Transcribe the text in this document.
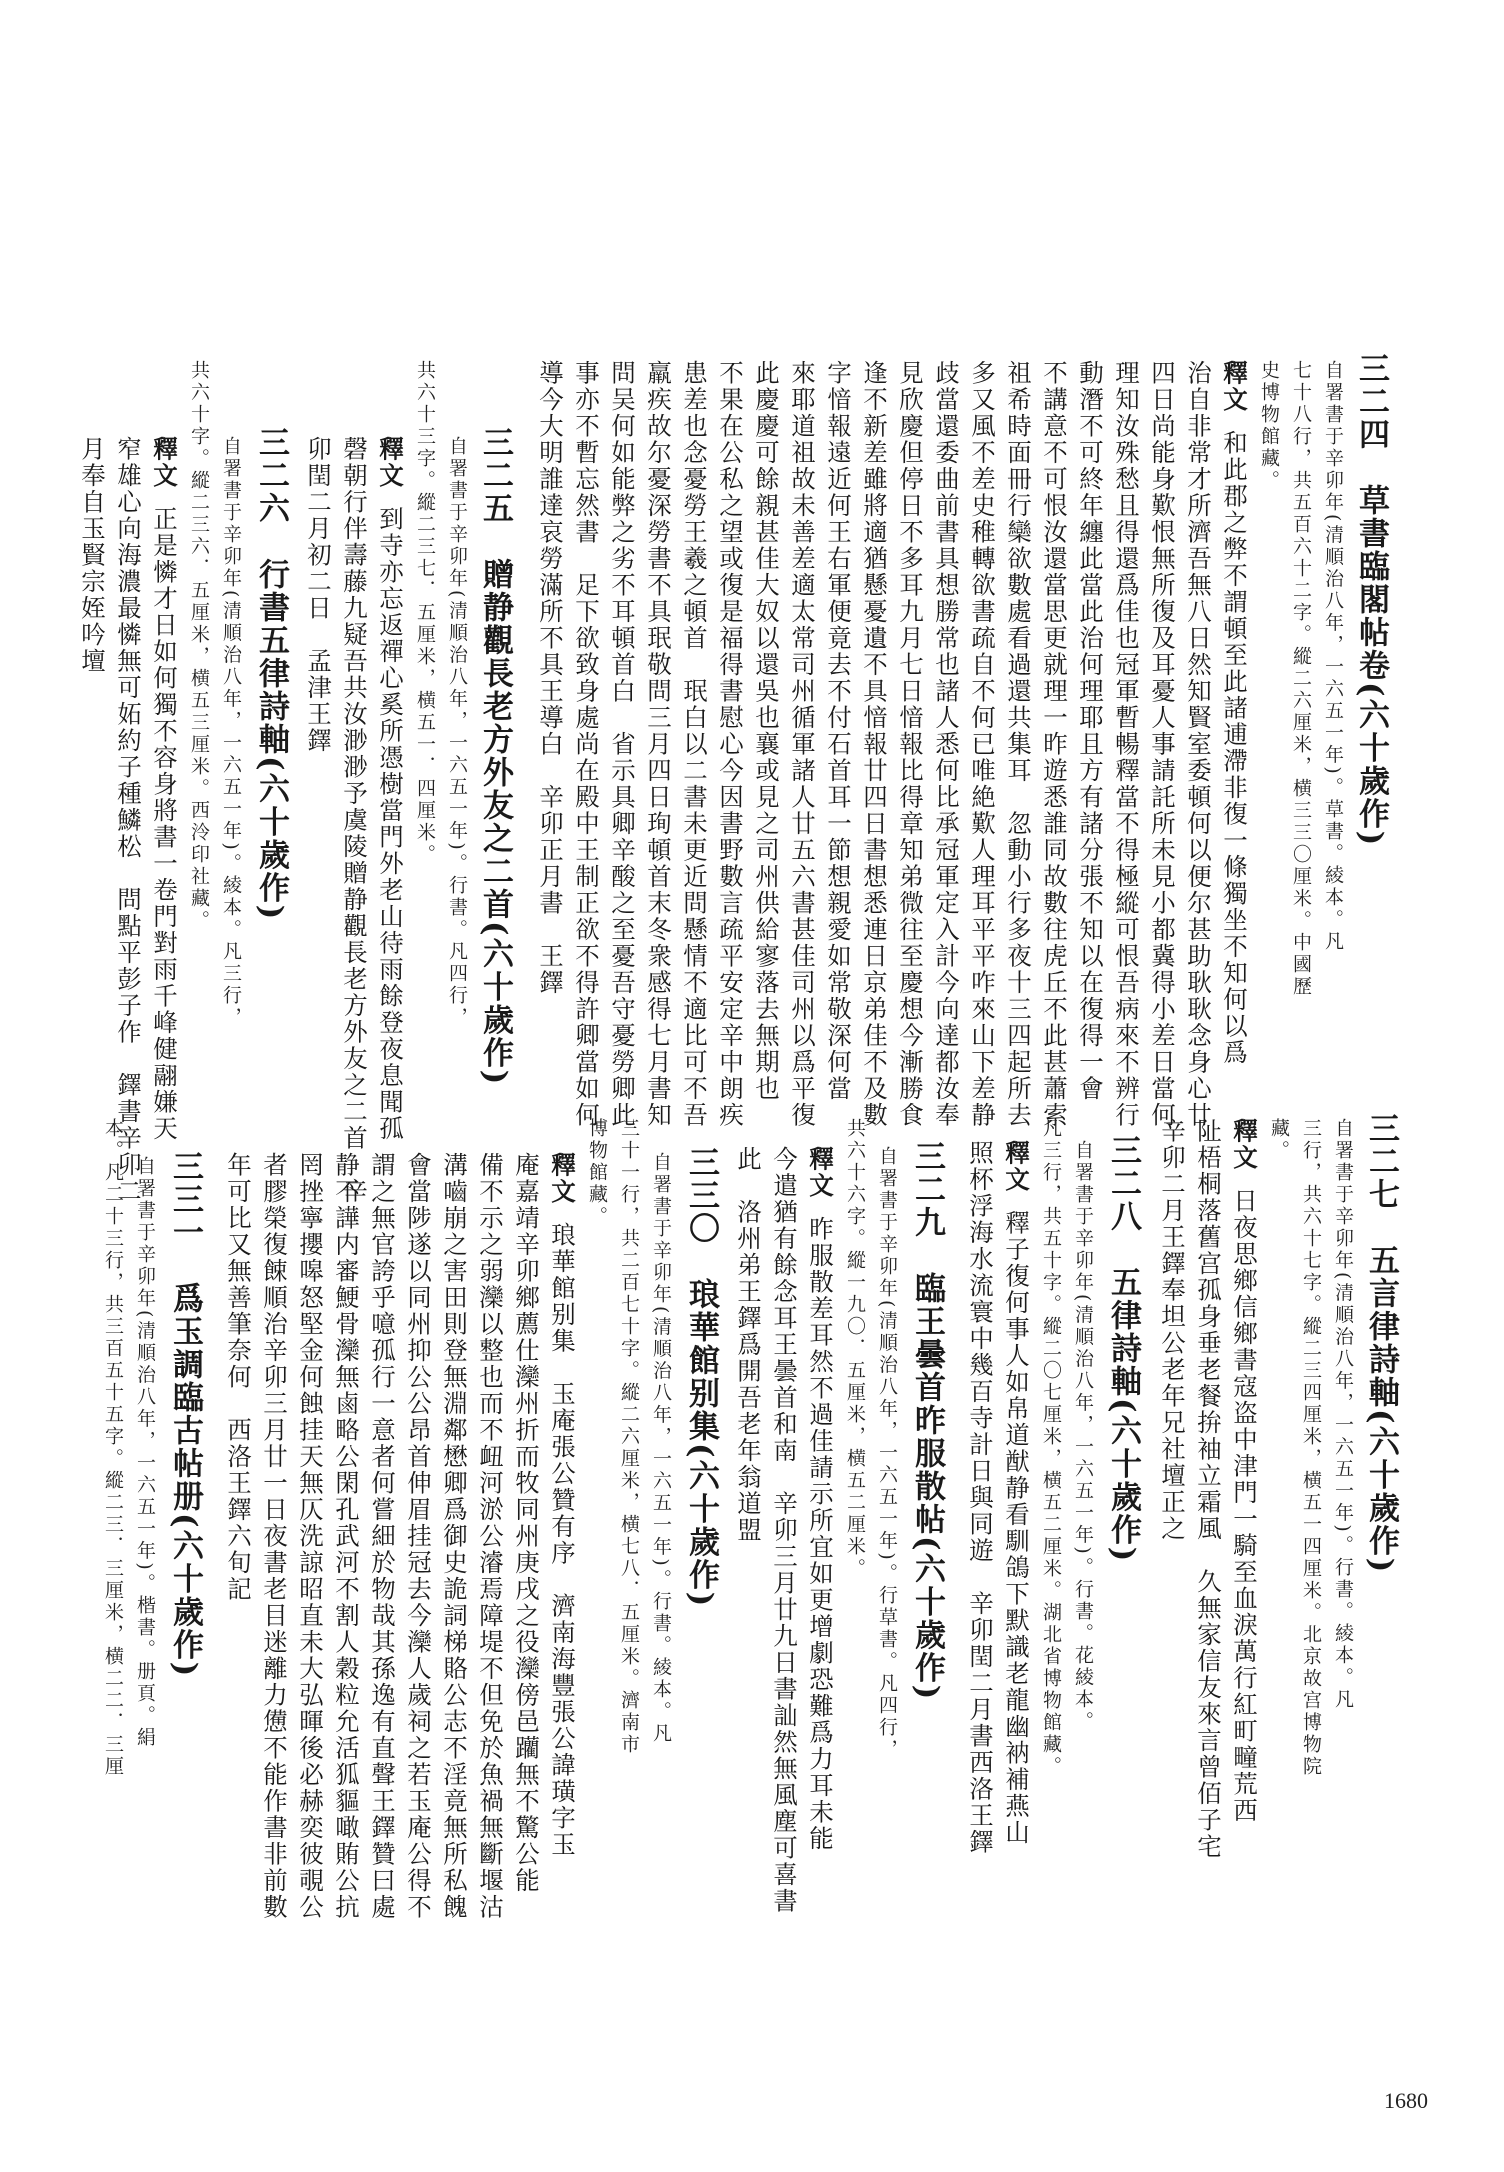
三二四　草書臨閣帖卷(六十歲作)
自署書于辛卯年(清順治八年，一六五一年)。草書。綾本。凡
七十八行，共五百六十二字。縱二六厘米，横三三〇厘米。中國歷
史博物館藏。
釋文
和此郡之弊不謂頓至此諸逋滯非復一條獨坐不知何以爲
治自非常才所濟吾無八日然知賢室委頓何以便尔甚助耿耿念身心廿
四日尚能身歎恨無所復及耳憂人事請託所未見小都冀得小差日當何
理知汝殊愁且得還爲佳也冠軍暫暢釋當不得極縱可恨吾病來不辨行
動潛不可終年纏此當此治何理耶且方有諸分張不知以在復得一會
不講意不可恨汝還當思更就理一昨遊悉誰同故數往虎丘不此甚蕭索
祖希時面冊行欒欲數處看過還共集耳　忽動小行多夜十三四起所去
多又風不差史稚轉欲書疏自不何已唯絶歎人理耳平平咋來山下差静
歧當還委曲前書具想勝常也諸人悉何比承冠軍定入計今向達都汝奉
見欣慶但停日不多耳九月七日愔報比得章知弟微往至慶想今漸勝食
逢不新差雖將適猶懸憂遺不具愔報廿四日書想悉連日京弟佳不及數
字愔報遠近何王右軍便竟去不付石首耳一節想親愛如常敬深何當
來耶道祖故未善差適太常司州循軍諸人廿五六書甚佳司州以爲平復
此慶慶可餘親甚佳大奴以還吳也襄或見之司州供給寥落去無期也
不果在公私之望或復是福得書慰心今因書野數言疏平安定辛中朗疾
患差也念憂勞王羲之頓首　珉白以二書未更近問懸情不適比可不吾
羸疾故尔憂深勞書不具珉敬問三月四日珣頓首末冬衆感得七月書知
問吴何如能弊之劣不耳頓首白　省示具卿辛酸之至憂吾守憂勞卿此
事亦不暫忘然書　足下欲致身處尚在殿中王制正欲不得許卿當如何
導今大明誰達哀勞滿所不具王導白　辛卯正月書　王鐸
三二五　贈静觀長老方外友之二首(六十歲作)
自署書于辛卯年(清順治八年，一六五一年)。行書。凡四行，
共六十三字。縱二三七．五厘米，横五一．四厘米。
釋文
到寺亦忘返禪心奚所憑樹當門外老山待雨餘登夜息聞孤
磬朝行伴壽藤九疑吾共汝渺渺予虞陵贈静觀長老方外友之二首　辛
卯閏二月初二日　孟津王鐸
三二六　行書五律詩軸(六十歲作)
自署書于辛卯年(清順治八年，一六五一年)。綾本。凡三行，
共六十字。縱二三六．五厘米，横五三厘米。西泠印社藏。
釋文
正是憐才日如何獨不容身將書一卷門對雨千峰健翮嫌天
窄雄心向海濃最憐無可妬約子種鱗松　問點平彭子作　鐸書辛卯二
月奉自玉賢宗姪吟壇
三二七　五言律詩軸(六十歲作)
自署書于辛卯年(清順治八年，一六五一年)。行書。綾本。凡
三行，共六十七字。縱二三四厘米，横五一四厘米。北京故宫博物院
藏。
釋文
日夜思鄉信鄉書寇盗中津門一騎至血淚萬行紅町疃荒西
阯梧桐落舊宫孤身垂老餐拚袖立霜風　久無家信友來言曾佰子宅
辛卯二月王鐸奉坦公老年兄社壇正之
三二八　五律詩軸(六十歲作)
自署書于辛卯年(清順治八年，一六五一年)。行書。花綾本。
凡三行，共五十字。縱二〇七厘米，横五二厘米。湖北省博物館藏。
釋文
釋子復何事人如帛道猷静看馴鴿下默識老龍幽衲補燕山
照杯浮海水流寰中幾百寺計日與同遊　辛卯閏二月書西洛王鐸
三二九　臨王曇首昨服散帖(六十歲作)
自署書于辛卯年(清順治八年，一六五一年)。行草書。凡四行，
共六十六字。縱一九〇．五厘米，横五二厘米。
釋文
昨服散差耳然不過佳請示所宜如更增劇恐難爲力耳未能
今遣猶有餘念耳王曇首和南　辛卯三月廿九日書訕然無風塵可喜書
此　洛州弟王鐸爲開吾老年翁道盟
三三〇　琅華館别集(六十歲作)
自署書于辛卯年(清順治八年，一六五一年)。行書。綾本。凡
三十一行，共二百七十字。縱二六厘米，横七八．五厘米。濟南市
博物館藏。
釋文
琅華館别集　玉庵張公贊有序　濟南海豐張公諱璜字玉
庵嘉靖辛卯鄉薦仕灤州折而牧同州庚戌之役灤傍邑躪無不驚公能
備不示之弱灤以整也而不衄河淤公濬焉障堤不但免於魚禍無斷堰沽
溝嚙崩之害田則登無淵鄰懋卿爲御史詭詞梯賂公志不淫竟無所私餽
會當陟遂以同州抑公公昂首伸眉挂冠去今灤人歲祠之若玉庵公得不
謂之無官誇乎噫孤行一意者何嘗細於物哉其孫逸有直聲王鐸贊曰處
静不譁内審鯁骨灤無鹵略公閑孔武河不割人穀粒允活狐貙噉賄公抗
罔挫寧攖嗥怒堅金何蝕挂天無仄洗諒昭直未大弘暉後必赫奕彼覗公
者膠榮復餗順治辛卯三月廿一日夜書老目迷離力憊不能作書非前數
年可比又無善筆奈何　西洛王鐸六旬記
三三一　爲玉調臨古帖册(六十歲作)
自署書于辛卯年(清順治八年，一六五一年)。楷書。册頁。絹
本。凡二十三行，共三百五十五字。縱二三．三厘米，横二二．三厘
1680
